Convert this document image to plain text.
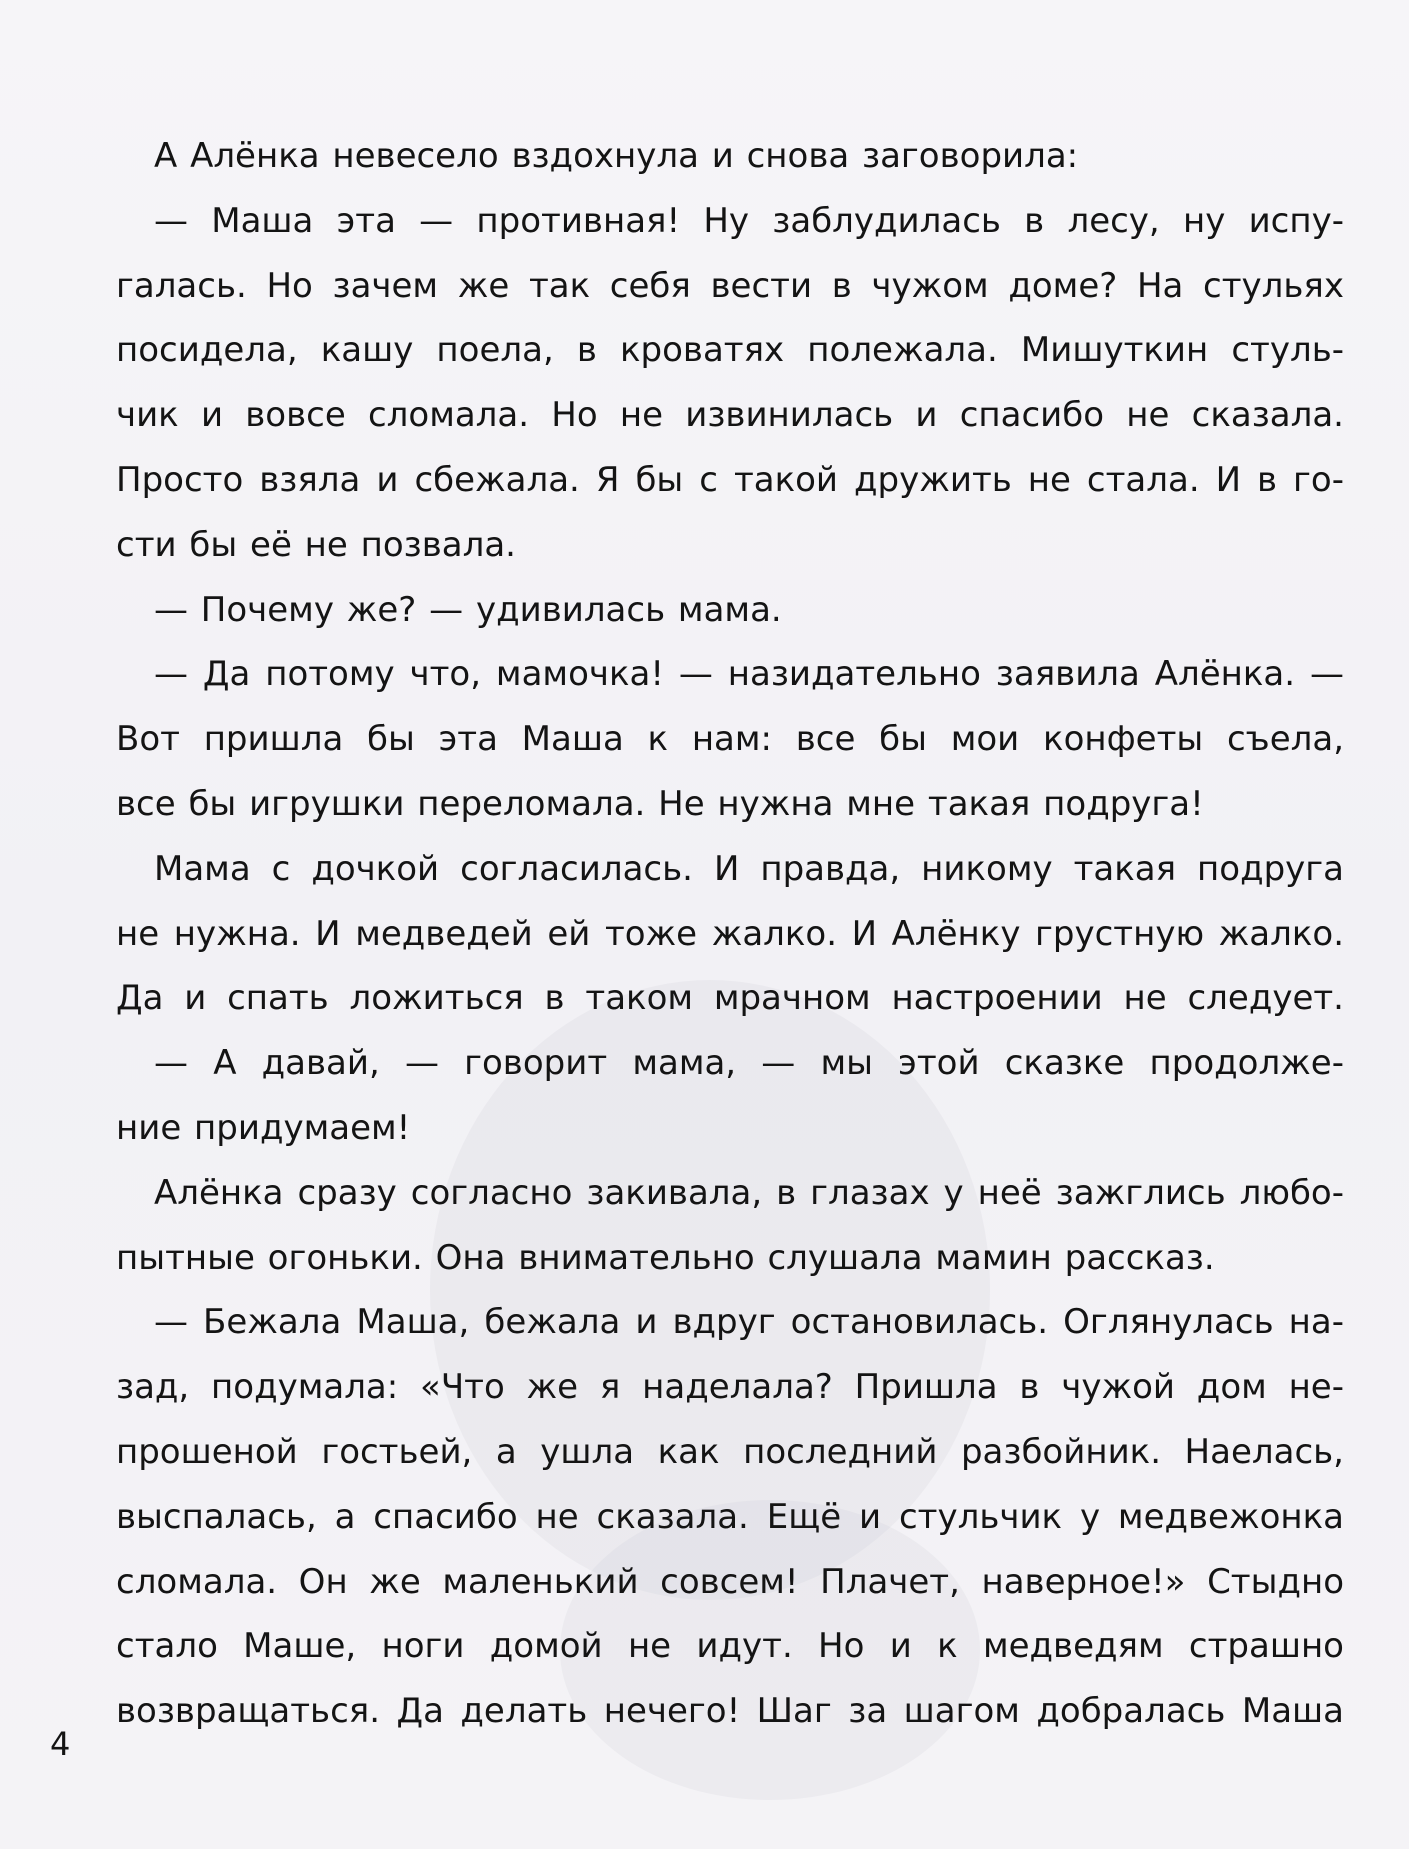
А Алёнка невесело вздохнула и снова заговорила:
— Маша эта — противная! Ну заблудилась в лесу, ну испу-
галась. Но зачем же так себя вести в чужом доме? На стульях
посидела, кашу поела, в кроватях полежала. Мишуткин стуль-
чик и вовсе сломала. Но не извинилась и спасибо не сказала.
Просто взяла и сбежала. Я бы с такой дружить не стала. И в го-
сти бы её не позвала.
— Почему же? — удивилась мама.
— Да потому что, мамочка! — назидательно заявила Алёнка. —
Вот пришла бы эта Маша к нам: все бы мои конфеты съела,
все бы игрушки переломала. Не нужна мне такая подруга!
Мама с дочкой согласилась. И правда, никому такая подруга
не нужна. И медведей ей тоже жалко. И Алёнку грустную жалко.
Да и спать ложиться в таком мрачном настроении не следует.
— А давай, — говорит мама, — мы этой сказке продолже-
ние придумаем!
Алёнка сразу согласно закивала, в глазах у неё зажглись любо-
пытные огоньки. Она внимательно слушала мамин рассказ.
— Бежала Маша, бежала и вдруг остановилась. Оглянулась на-
зад, подумала: «Что же я наделала? Пришла в чужой дом не-
прошеной гостьей, а ушла как последний разбойник. Наелась,
выспалась, а спасибо не сказала. Ещё и стульчик у медвежонка
сломала. Он же маленький совсем! Плачет, наверное!» Стыдно
стало Маше, ноги домой не идут. Но и к медведям страшно
возвращаться. Да делать нечего! Шаг за шагом добралась Маша
4
